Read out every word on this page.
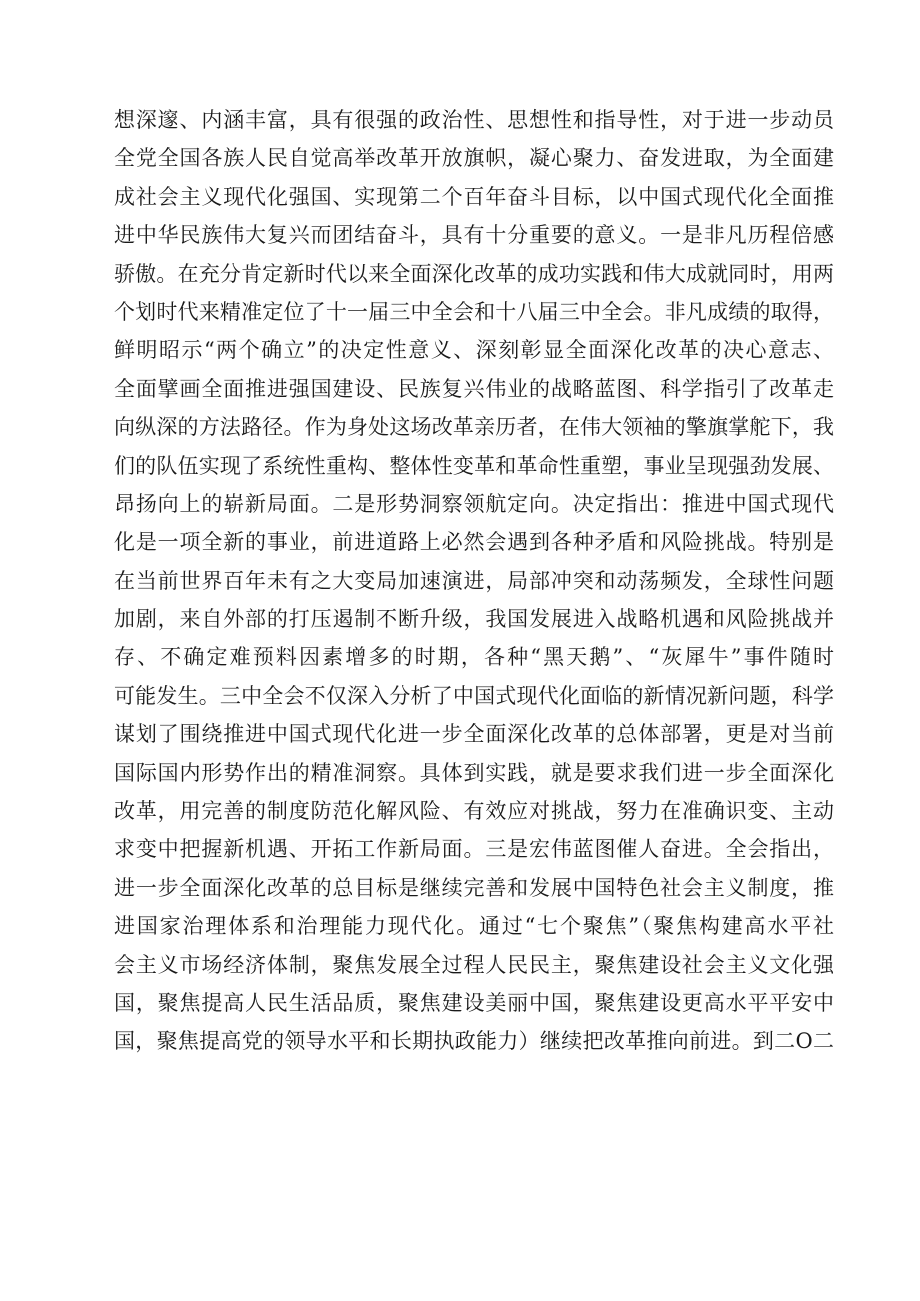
想深邃、内涵丰富，具有很强的政治性、思想性和指导性，对于进一步动员
全党全国各族人民自觉高举改革开放旗帜，凝心聚力、奋发进取，为全面建
成社会主义现代化强国、实现第二个百年奋斗目标，以中国式现代化全面推
进中华民族伟大复兴而团结奋斗，具有十分重要的意义。一是非凡历程倍感
骄傲。在充分肯定新时代以来全面深化改革的成功实践和伟大成就同时，用两
个划时代来精准定位了十一届三中全会和十八届三中全会。非凡成绩的取得，
鲜明昭示“两个确立”的决定性意义、深刻彰显全面深化改革的决心意志、
全面擘画全面推进强国建设、民族复兴伟业的战略蓝图、科学指引了改革走
向纵深的方法路径。作为身处这场改革亲历者，在伟大领袖的擎旗掌舵下，我
们的队伍实现了系统性重构、整体性变革和革命性重塑，事业呈现强劲发展、
昂扬向上的崭新局面。二是形势洞察领航定向。决定指出：推进中国式现代
化是一项全新的事业，前进道路上必然会遇到各种矛盾和风险挑战。特别是
在当前世界百年未有之大变局加速演进，局部冲突和动荡频发，全球性问题
加剧，来自外部的打压遏制不断升级，我国发展进入战略机遇和风险挑战并
存、不确定难预料因素增多的时期，各种“黑天鹅”、“灰犀牛”事件随时
可能发生。三中全会不仅深入分析了中国式现代化面临的新情况新问题，科学
谋划了围绕推进中国式现代化进一步全面深化改革的总体部署，更是对当前
国际国内形势作出的精准洞察。具体到实践，就是要求我们进一步全面深化
改革，用完善的制度防范化解风险、有效应对挑战，努力在准确识变、主动
求变中把握新机遇、开拓工作新局面。三是宏伟蓝图催人奋进。全会指出，
进一步全面深化改革的总目标是继续完善和发展中国特色社会主义制度，推
进国家治理体系和治理能力现代化。通过“七个聚焦”（聚焦构建高水平社
会主义市场经济体制，聚焦发展全过程人民民主，聚焦建设社会主义文化强
国，聚焦提高人民生活品质，聚焦建设美丽中国，聚焦建设更高水平平安中
国，聚焦提高党的领导水平和长期执政能力）继续把改革推向前进。到二O二
